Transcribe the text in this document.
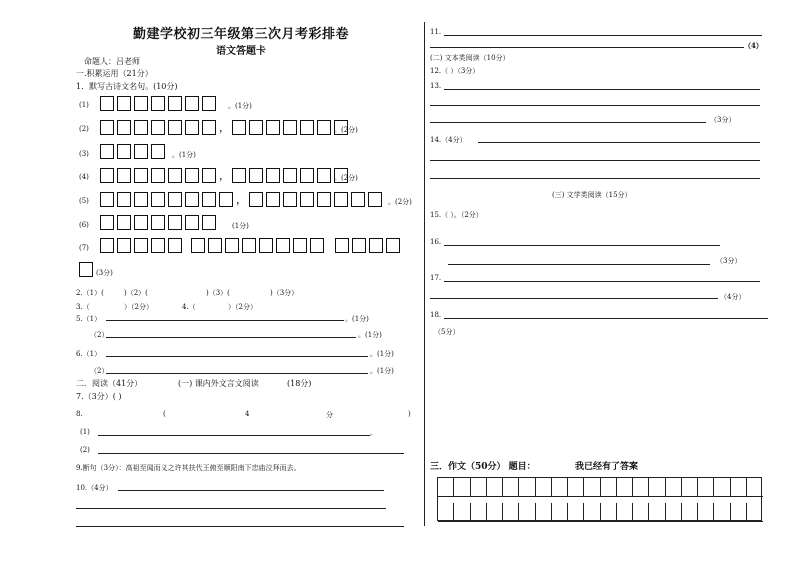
勤建学校初三年级第三次月考彩排卷
语文答题卡
命题人：吕老师
一.积累运用（21分）
1．默写古诗文名句。(10分)
(1)	。(1分)
(2)	，	。(2分)
(3)	。(1分)
(4)	，	。(2分)
(5)	，	。(2分)
(6)	(1分)
(7)
(3分)
2.（1）(	)（2）(	)（3）(	)（3分）
3.（	）（2分）	4.（	）（2分）
5.（1）	。(1分)
（2）	。(1分)
6.（1）	。(1分)
（2）	。(1分)
二．阅读（41分）	(一) 课内外文言文阅读	(18分)
7.（3分）( )
8.	(	4	分	)
(1)	。
(2)
9.断句（3分）：高祖至闻而义之许其扶代王俯至顺阳南下忠庙泣拜而去。
10.（4分）
11.
（4）
(二) 文本类阅读（10分）
12.（ ）（3分）
13.
（3分）
14.（4分）
(三) 文学类阅读（15分）
15.（ ）。（2分）
16.
（3分）
17.
（4分）
18.
（5分）
三．作文（50分） 题目：	我已经有了答案
